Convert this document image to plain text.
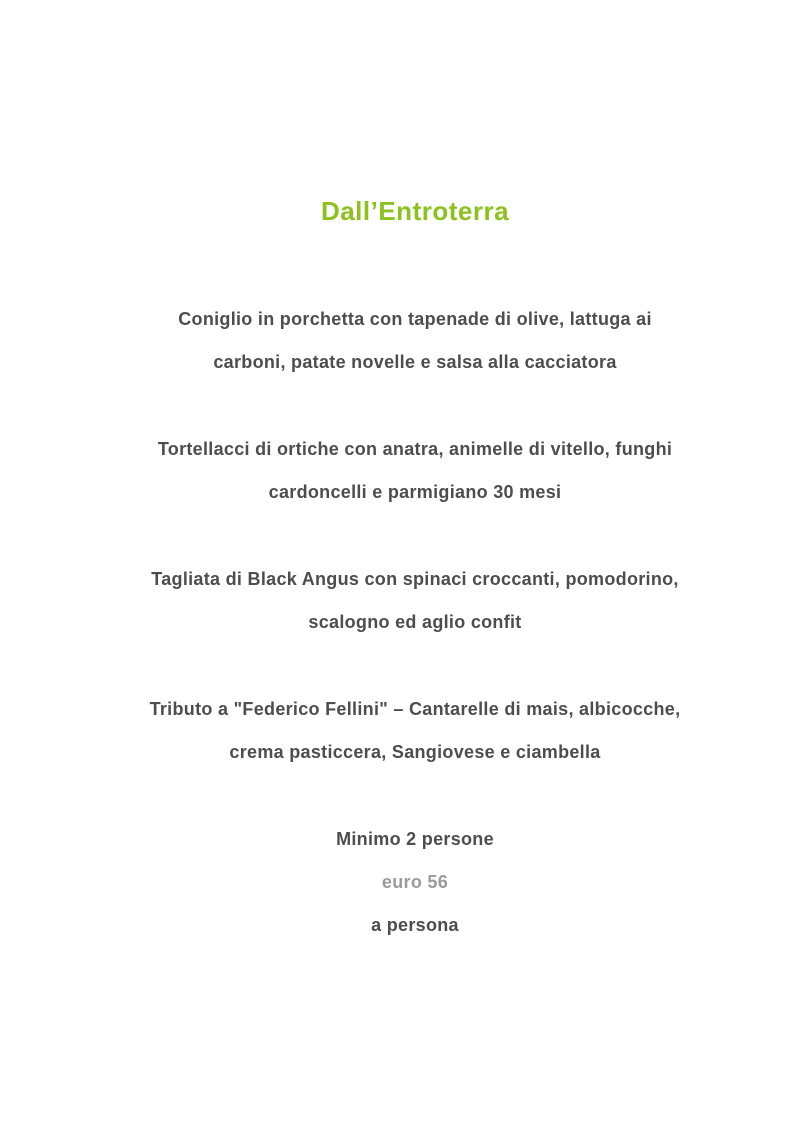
Dall’Entroterra

Coniglio in porchetta con tapenade di olive, lattuga ai

carboni, patate novelle e salsa alla cacciatora

Tortellacci di ortiche con anatra, animelle di vitello, funghi

cardoncelli e parmigiano 30 mesi

Tagliata di Black Angus con spinaci croccanti, pomodorino,

scalogno ed aglio confit

Tributo a "Federico Fellini" – Cantarelle di mais, albicocche,

crema pasticcera, Sangiovese e ciambella

Minimo 2 persone

euro 56

a persona
